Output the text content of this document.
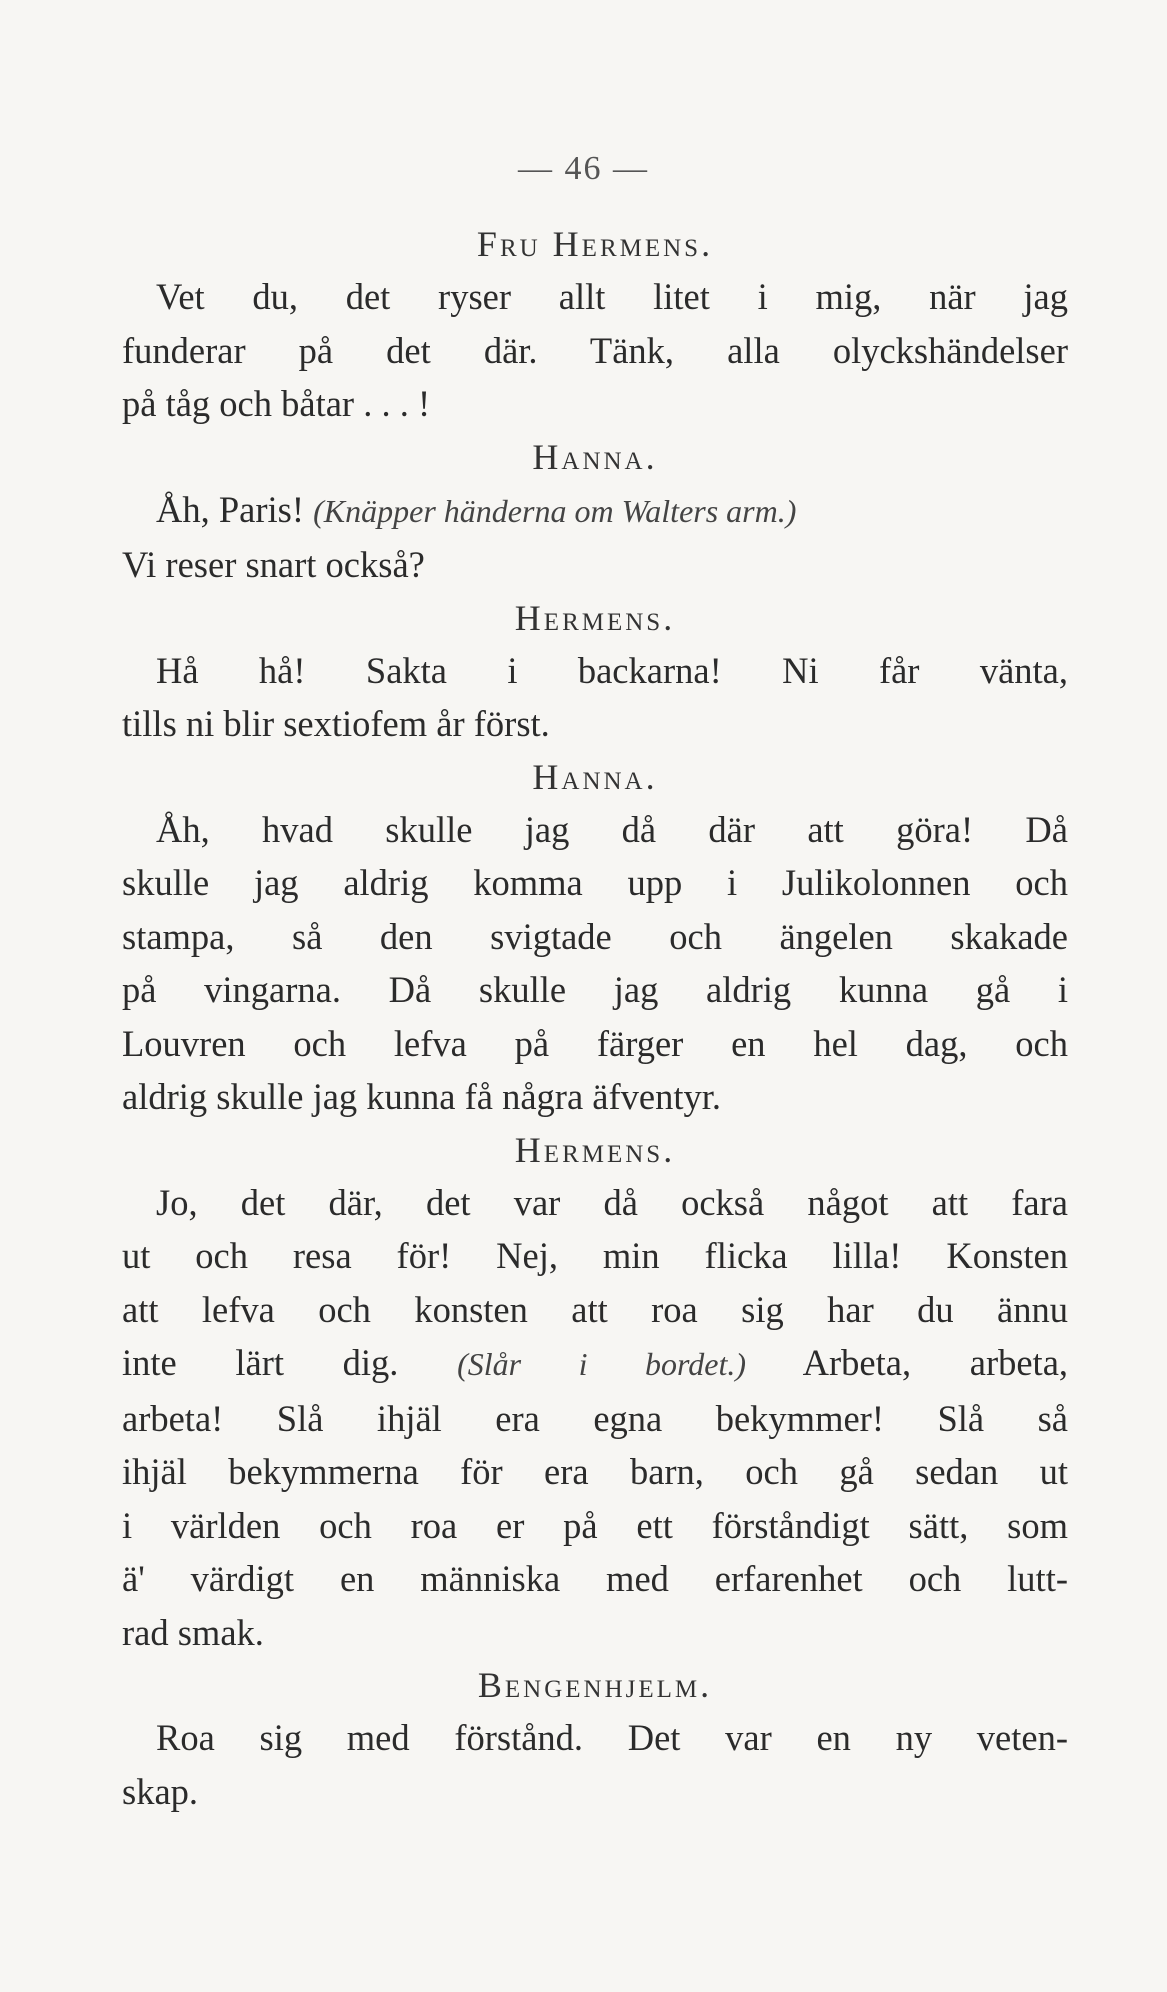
— 46 —

Fru Hermens.

Vet du, det ryser allt litet i mig, när jag

funderar på det där. Tänk, alla olyckshändelser

på tåg och båtar . . . !

Hanna.

Åh, Paris! (Knäpper händerna om Walters arm.)

Vi reser snart också?

Hermens.

Hå hå! Sakta i backarna! Ni får vänta,

tills ni blir sextiofem år först.

Hanna.

Åh, hvad skulle jag då där att göra! Då

skulle jag aldrig komma upp i Julikolonnen och

stampa, så den svigtade och ängelen skakade

på vingarna. Då skulle jag aldrig kunna gå i

Louvren och lefva på färger en hel dag, och

aldrig skulle jag kunna få några äfventyr.

Hermens.

Jo, det där, det var då också något att fara

ut och resa för! Nej, min flicka lilla! Konsten

att lefva och konsten att roa sig har du ännu

inte lärt dig. (Slår i bordet.) Arbeta, arbeta,

arbeta! Slå ihjäl era egna bekymmer! Slå så

ihjäl bekymmerna för era barn, och gå sedan ut

i världen och roa er på ett förståndigt sätt, som

ä' värdigt en människa med erfarenhet och lutt-

rad smak.

Bengenhjelm.

Roa sig med förstånd. Det var en ny veten-

skap.
